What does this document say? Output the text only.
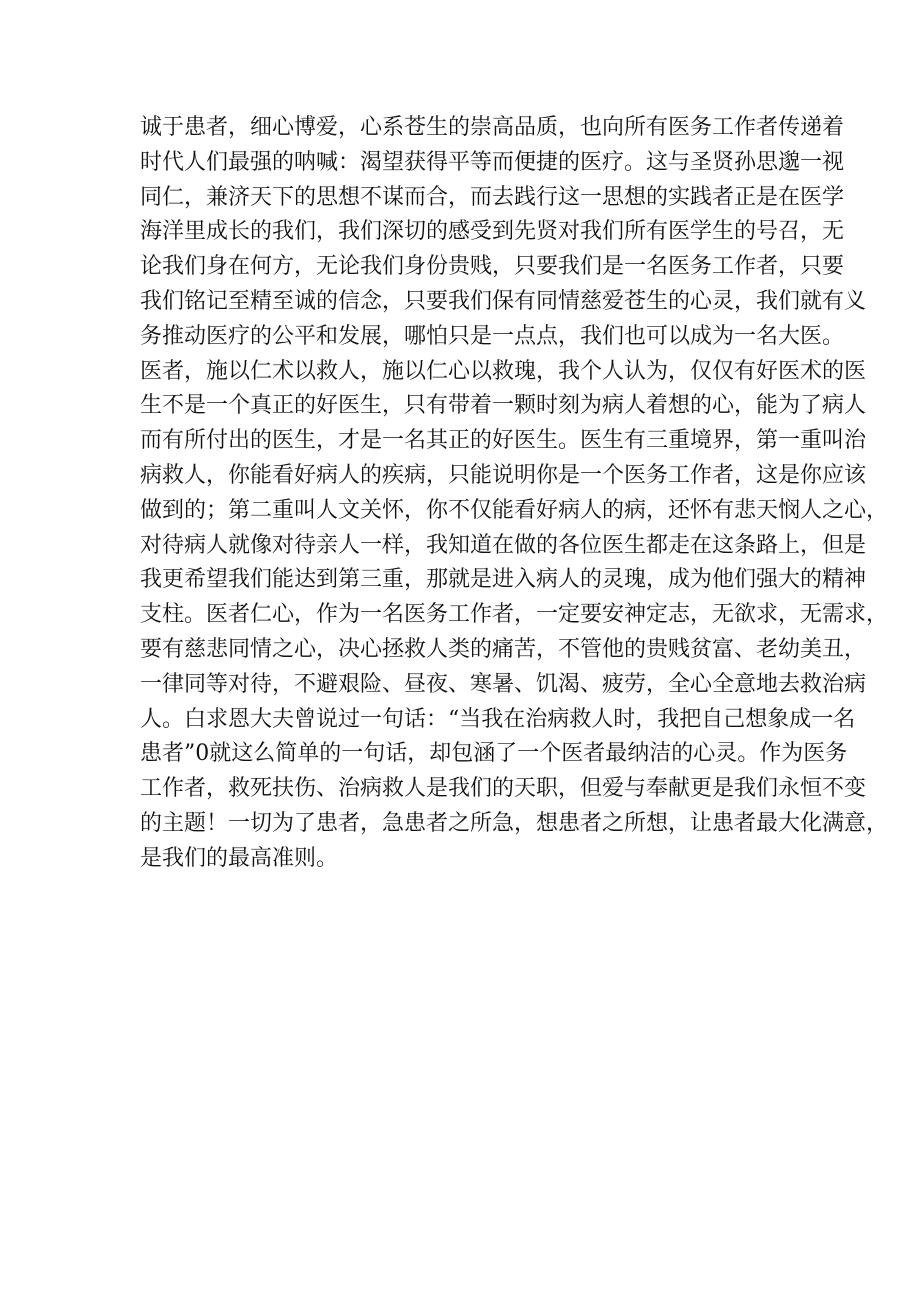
诚于患者，细心博爱，心系苍生的崇高品质，也向所有医务工作者传递着
时代人们最强的呐喊：渴望获得平等而便捷的医疗。这与圣贤孙思邈一视
同仁，兼济天下的思想不谋而合，而去践行这一思想的实践者正是在医学
海洋里成长的我们，我们深切的感受到先贤对我们所有医学生的号召，无
论我们身在何方，无论我们身份贵贱，只要我们是一名医务工作者，只要
我们铭记至精至诚的信念，只要我们保有同情慈爱苍生的心灵，我们就有义
务推动医疗的公平和发展，哪怕只是一点点，我们也可以成为一名大医。
医者，施以仁术以救人，施以仁心以救瑰，我个人认为，仅仅有好医术的医
生不是一个真正的好医生，只有带着一颗时刻为病人着想的心，能为了病人
而有所付出的医生，才是一名其正的好医生。医生有三重境界，第一重叫治
病救人，你能看好病人的疾病，只能说明你是一个医务工作者，这是你应该
做到的；第二重叫人文关怀，你不仅能看好病人的病，还怀有悲天悯人之心，
对待病人就像对待亲人一样，我知道在做的各位医生都走在这条路上，但是
我更希望我们能达到第三重，那就是进入病人的灵瑰，成为他们强大的精神
支柱。医者仁心，作为一名医务工作者，一定要安神定志，无欲求，无需求，
要有慈悲同情之心，决心拯救人类的痛苦，不管他的贵贱贫富、老幼美丑，
一律同等对待，不避艰险、昼夜、寒暑、饥渴、疲劳，全心全意地去救治病
人。白求恩大夫曾说过一句话：“当我在治病救人时，我把自己想象成一名
患者”0就这么简单的一句话，却包涵了一个医者最纳洁的心灵。作为医务
工作者，救死扶伤、治病救人是我们的天职，但爱与奉献更是我们永恒不变
的主题！一切为了患者，急患者之所急，想患者之所想，让患者最大化满意，
是我们的最高准则。
